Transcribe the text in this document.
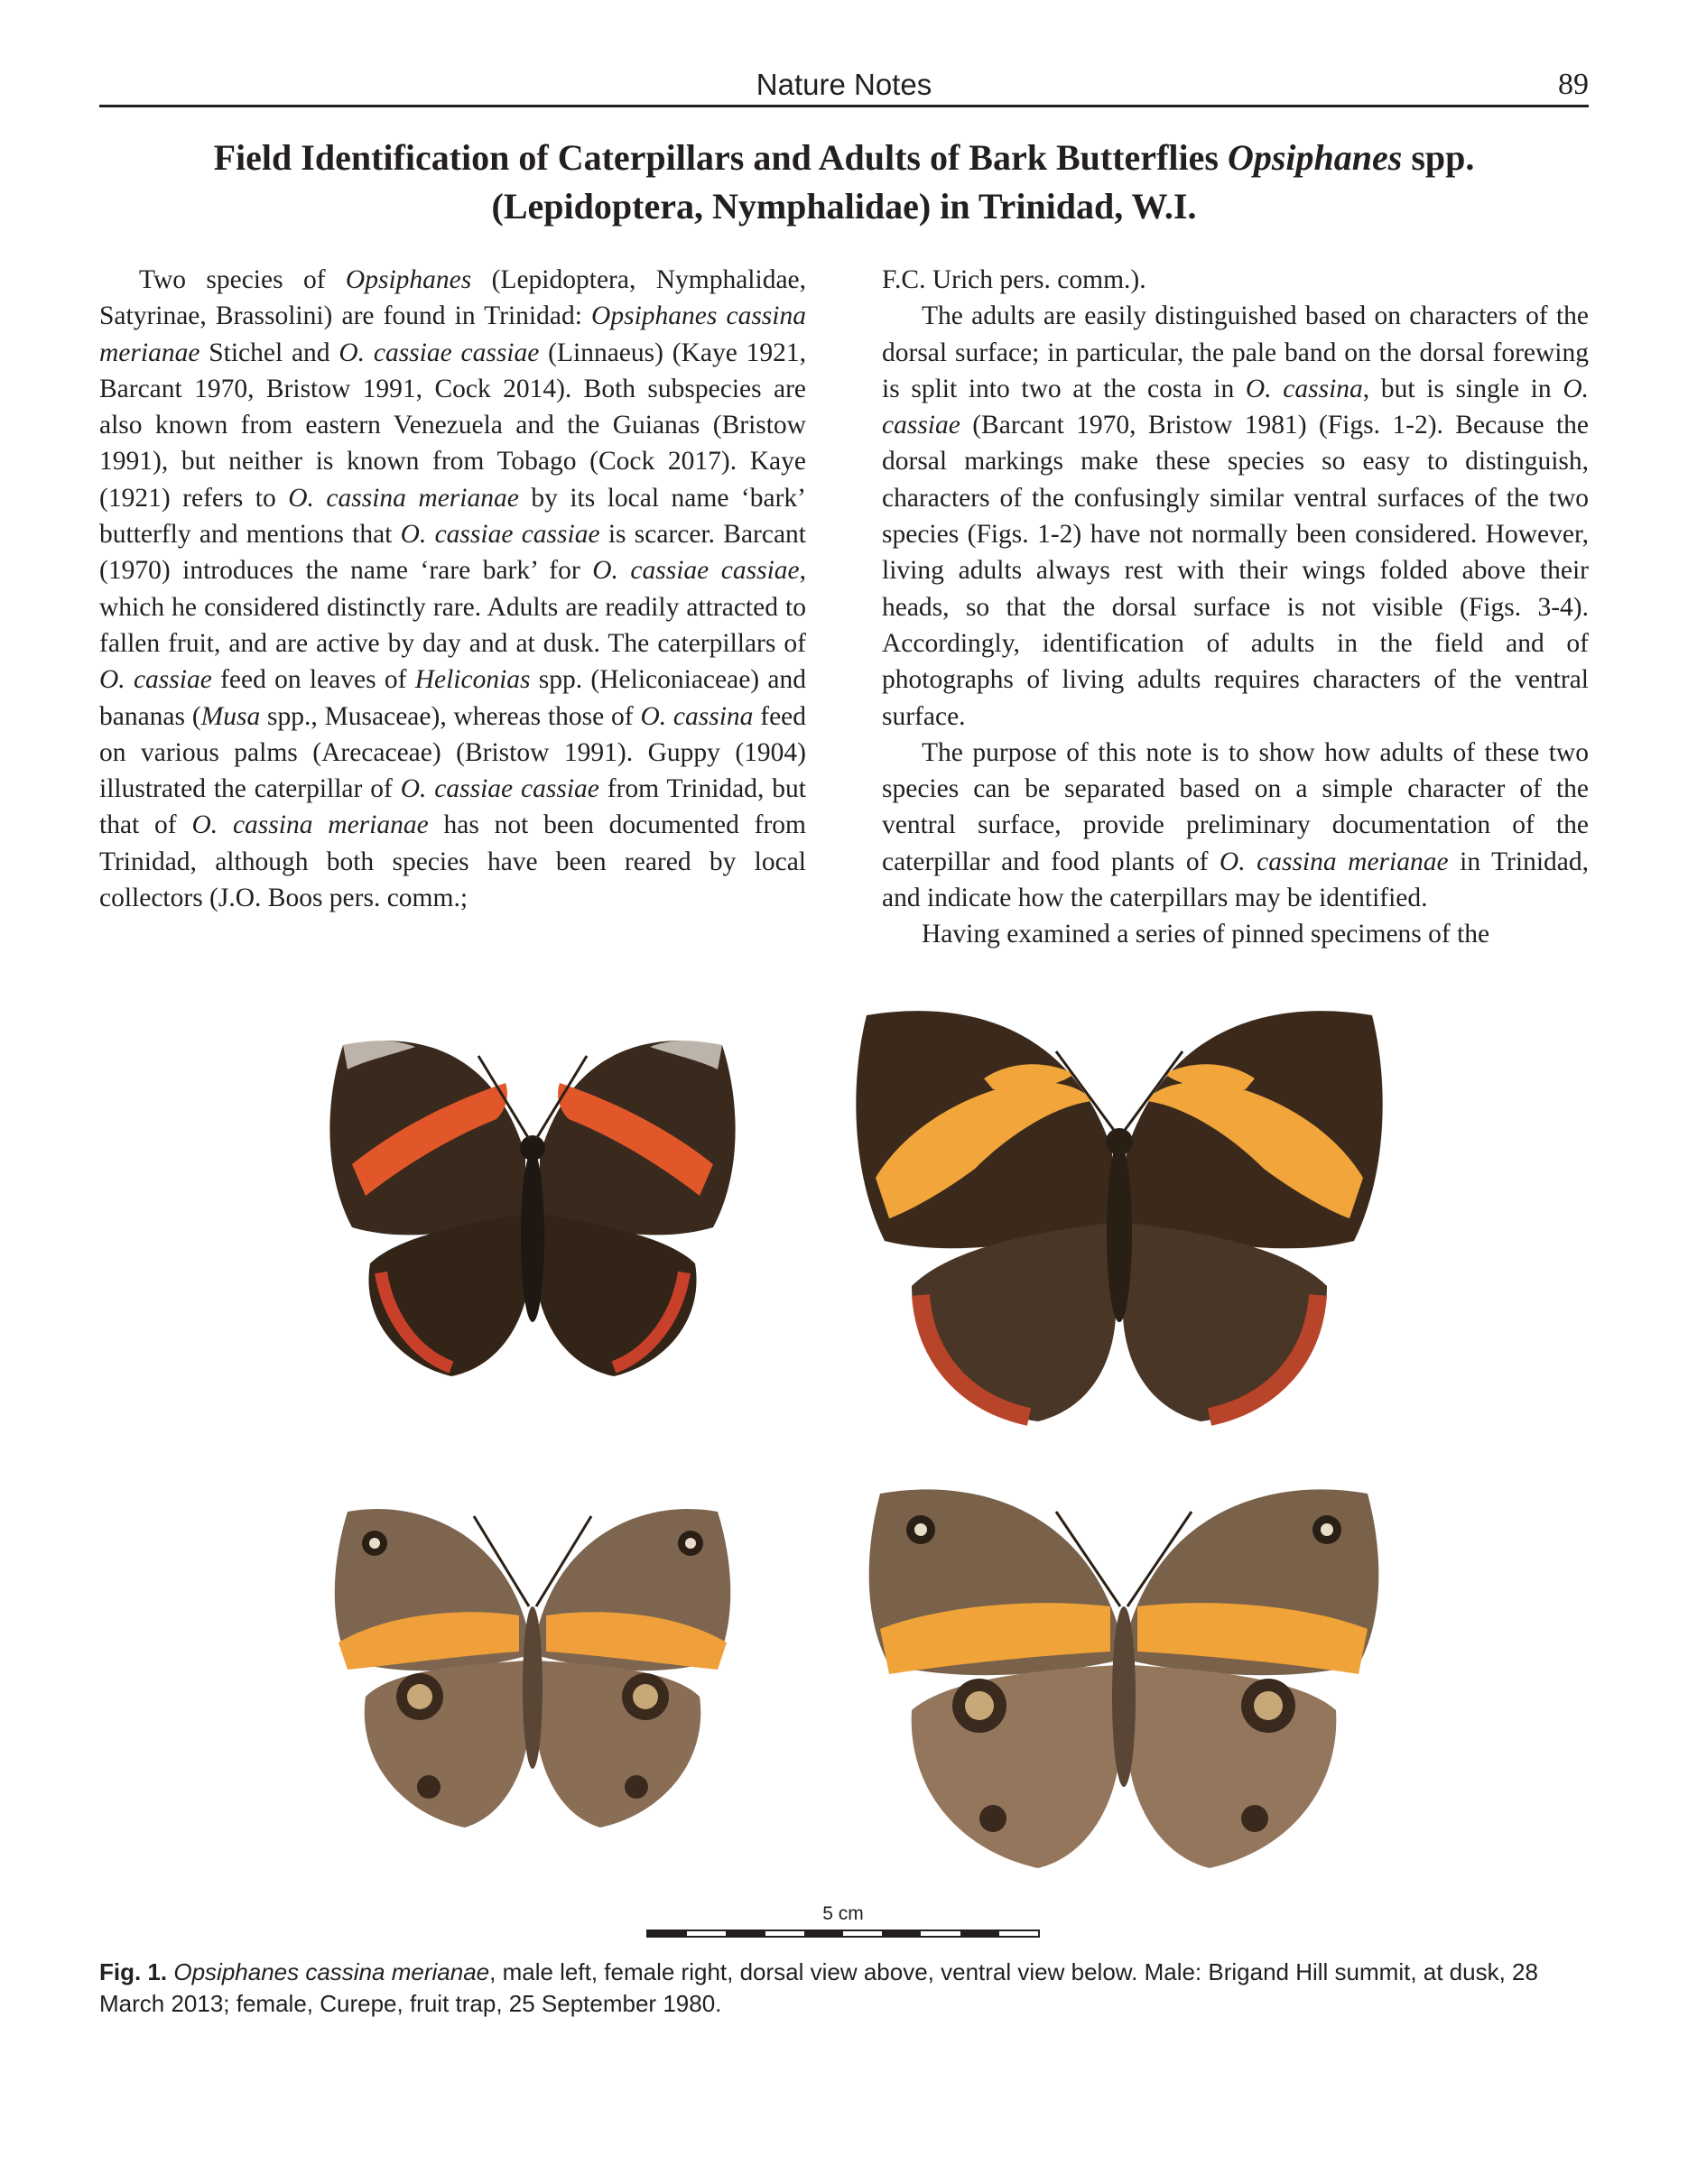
Nature Notes	89
Field Identification of Caterpillars and Adults of Bark Butterflies Opsiphanes spp.
(Lepidoptera, Nymphalidae) in Trinidad, W.I.

Two species of Opsiphanes (Lepidoptera, Nymphalidae, Satyrinae, Brassolini) are found in Trinidad: Opsiphanes cassina merianae Stichel and O. cassiae cassiae (Linnaeus) (Kaye 1921, Barcant 1970, Bristow 1991, Cock 2014). Both subspecies are also known from eastern Venezuela and the Guianas (Bristow 1991), but neither is known from Tobago (Cock 2017). Kaye (1921) refers to O. cassina merianae by its local name ‘bark’ butterfly and mentions that O. cassiae cassiae is scarcer. Barcant (1970) introduces the name ‘rare bark’ for O. cassiae cassiae, which he considered distinctly rare. Adults are readily attracted to fallen fruit, and are active by day and at dusk. The caterpillars of O. cassiae feed on leaves of Heliconias spp. (Heliconiaceae) and bananas (Musa spp., Musaceae), whereas those of O. cassina feed on various palms (Arecaceae) (Bristow 1991). Guppy (1904) illustrated the caterpillar of O. cassiae cassiae from Trinidad, but that of O. cassina merianae has not been documented from Trinidad, although both species have been reared by local collectors (J.O. Boos pers. comm.;

F.C. Urich pers. comm.).

The adults are easily distinguished based on characters of the dorsal surface; in particular, the pale band on the dorsal forewing is split into two at the costa in O. cassina, but is single in O. cassiae (Barcant 1970, Bristow 1981) (Figs. 1-2). Because the dorsal markings make these species so easy to distinguish, characters of the confusingly similar ventral surfaces of the two species (Figs. 1-2) have not normally been considered. However, living adults always rest with their wings folded above their heads, so that the dorsal surface is not visible (Figs. 3-4). Accordingly, identification of adults in the field and of photographs of living adults requires characters of the ventral surface.

The purpose of this note is to show how adults of these two species can be separated based on a simple character of the ventral surface, provide preliminary documentation of the caterpillar and food plants of O. cassina merianae in Trinidad, and indicate how the caterpillars may be identified.

Having examined a series of pinned specimens of the

5 cm
Fig. 1. Opsiphanes cassina merianae, male left, female right, dorsal view above, ventral view below. Male: Brigand Hill summit, at dusk, 28 March 2013; female, Curepe, fruit trap, 25 September 1980.
